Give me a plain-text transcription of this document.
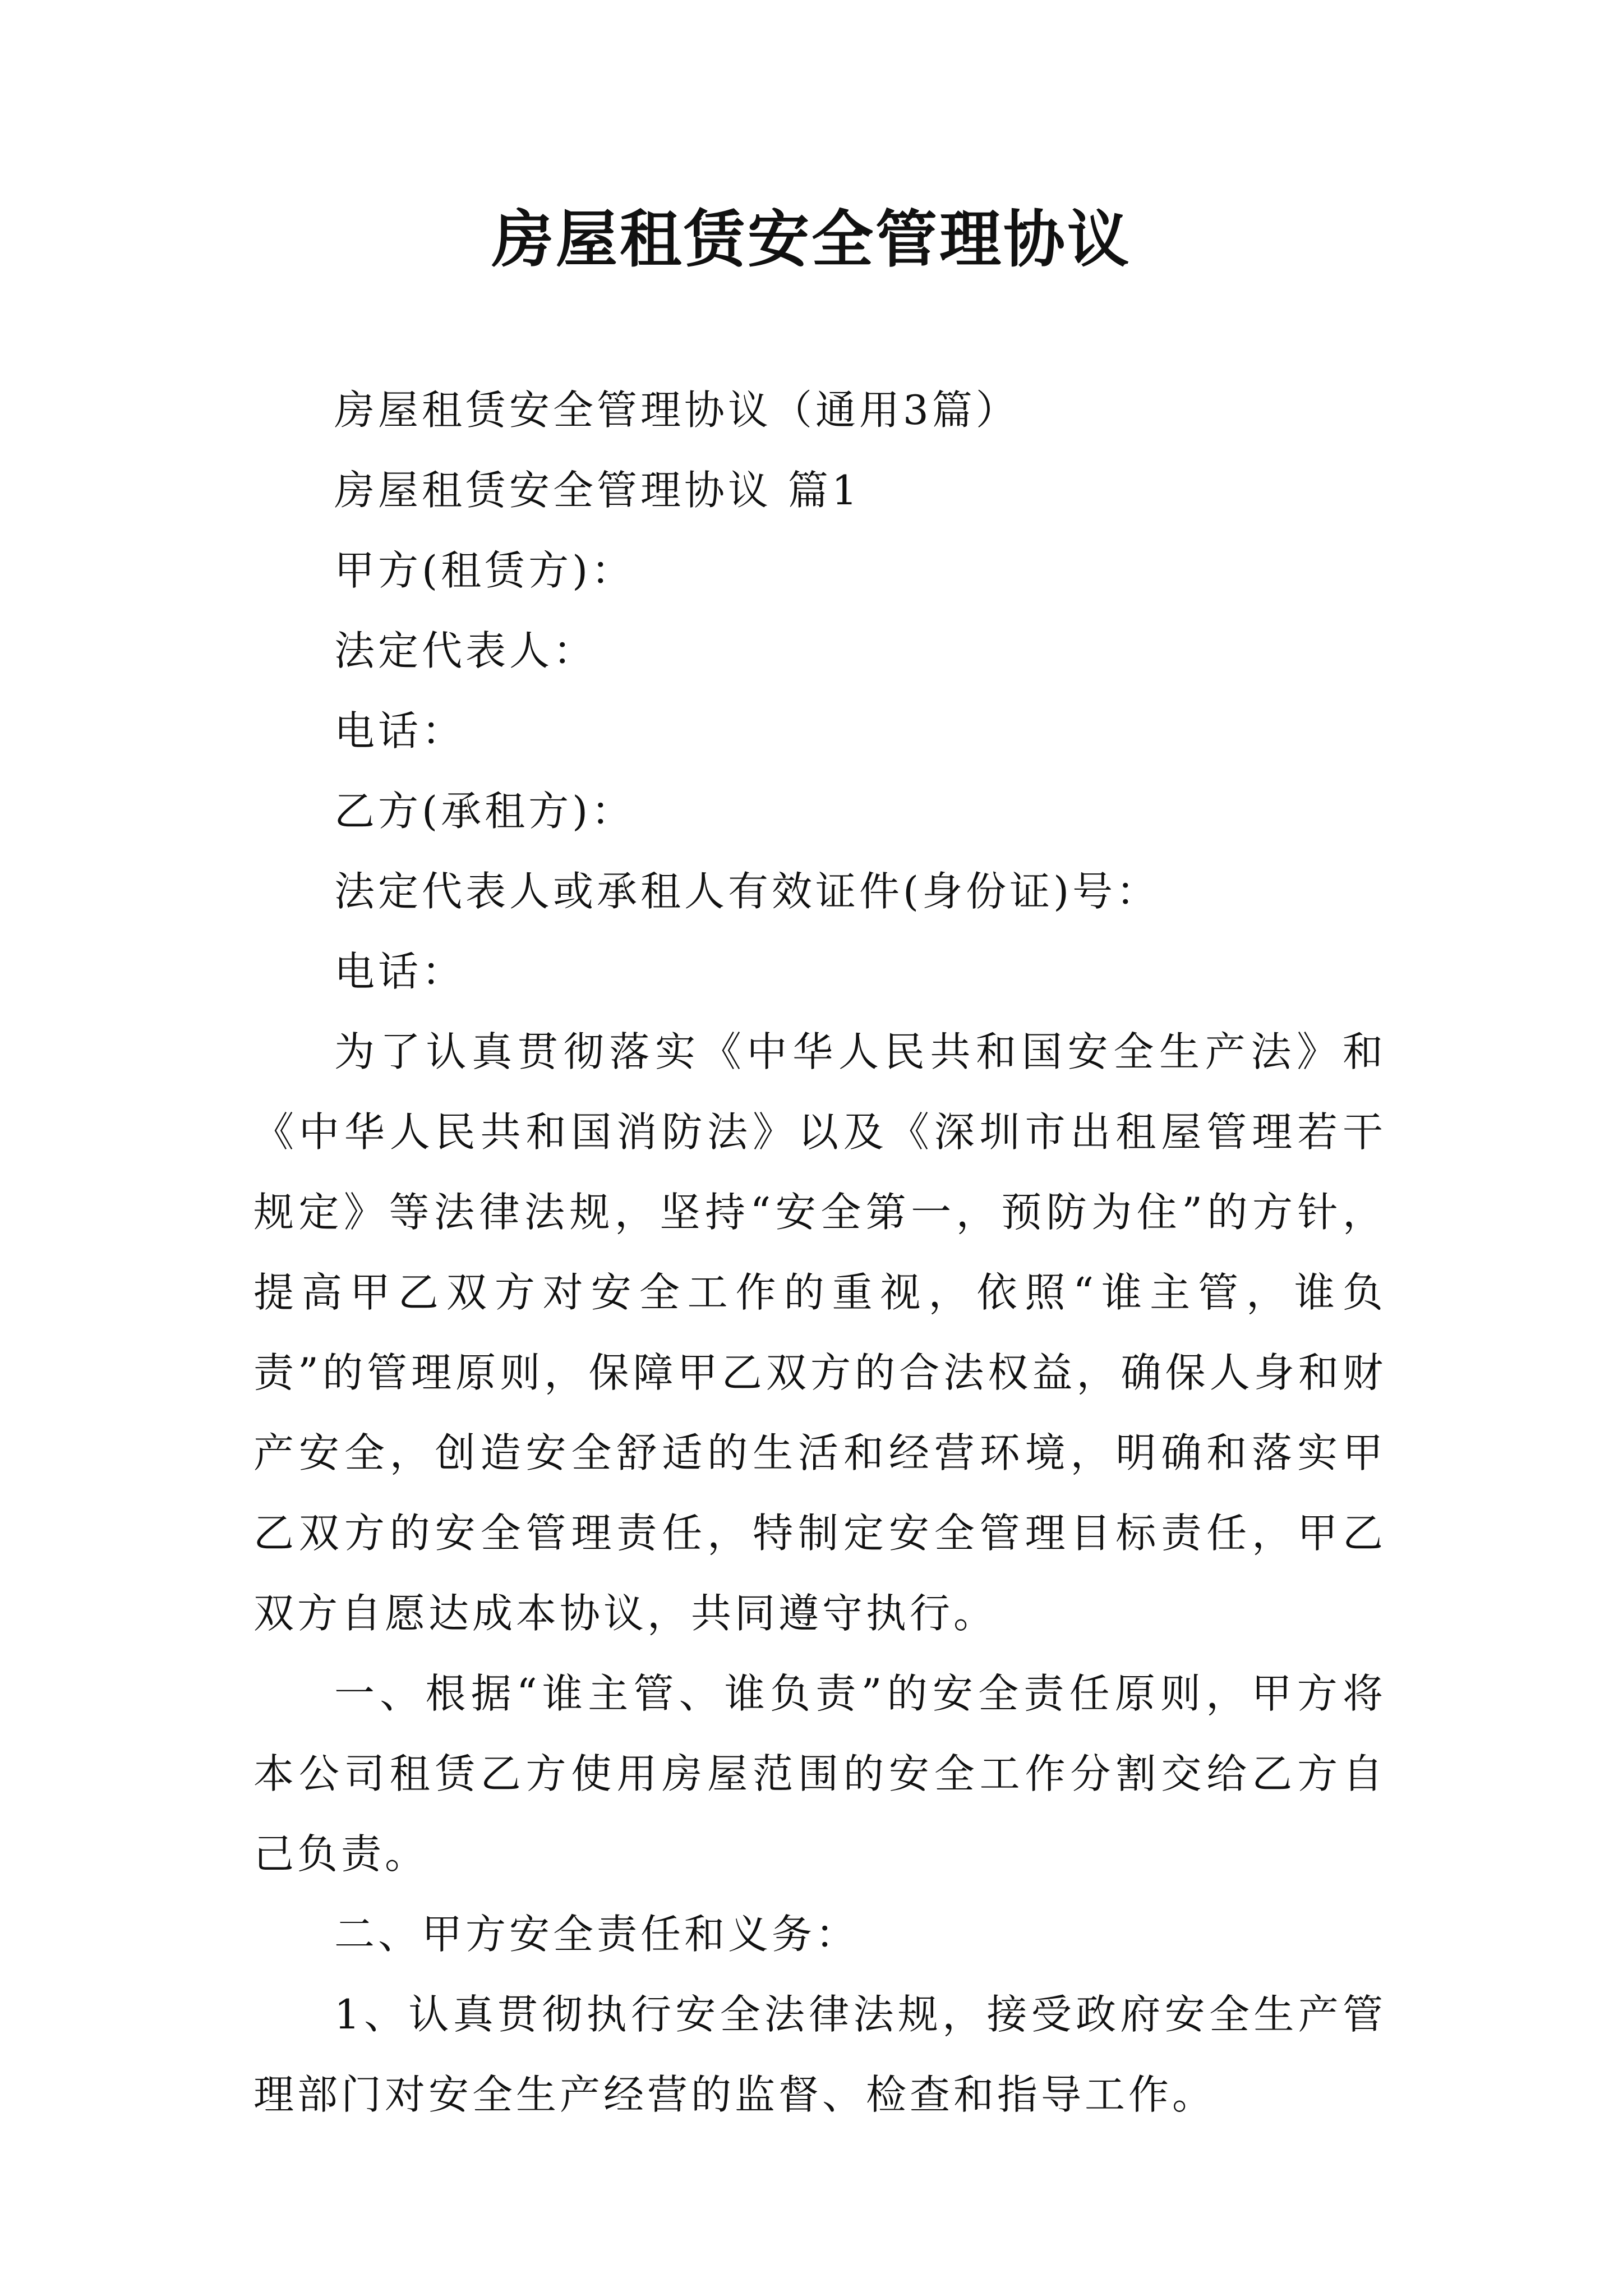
房屋租赁安全管理协议

房屋租赁安全管理协议（通用3篇）

房屋租赁安全管理协议 篇1

甲方(租赁方)：

法定代表人：

电话：

乙方(承租方)：

法定代表人或承租人有效证件(身份证)号：

电话：

为了认真贯彻落实《中华人民共和国安全生产法》和《中华人民共和国消防法》以及《深圳市出租屋管理若干规定》等法律法规，坚持“安全第一，预防为住”的方针，提高甲乙双方对安全工作的重视，依照“谁主管，谁负责”的管理原则，保障甲乙双方的合法权益，确保人身和财产安全，创造安全舒适的生活和经营环境，明确和落实甲乙双方的安全管理责任，特制定安全管理目标责任，甲乙双方自愿达成本协议，共同遵守执行。

一、根据“谁主管、谁负责”的安全责任原则，甲方将本公司租赁乙方使用房屋范围的安全工作分割交给乙方自己负责。

二、甲方安全责任和义务：

1、认真贯彻执行安全法律法规，接受政府安全生产管理部门对安全生产经营的监督、检查和指导工作。
